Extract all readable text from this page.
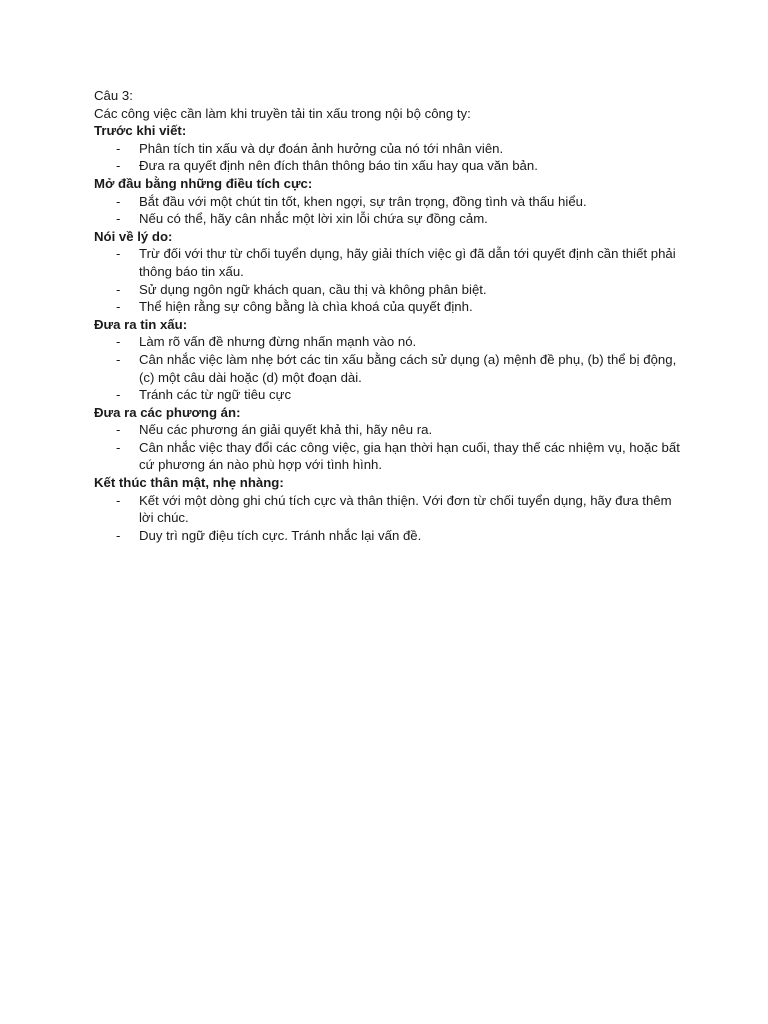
Câu 3:

Các công việc cần làm khi truyền tải tin xấu trong nội bộ công ty:

Trước khi viết:

- Phân tích tin xấu và dự đoán ảnh hưởng của nó tới nhân viên.
- Đưa ra quyết định nên đích thân thông báo tin xấu hay qua văn bản.

Mở đầu bằng những điều tích cực:

- Bắt đầu với một chút tin tốt, khen ngợi, sự trân trọng, đồng tình và thấu hiểu.
- Nếu có thể, hãy cân nhắc một lời xin lỗi chứa sự đồng cảm.

Nói về lý do:

- Trừ đối với thư từ chối tuyển dụng, hãy giải thích việc gì đã dẫn tới quyết định cần thiết phải thông báo tin xấu.
- Sử dụng ngôn ngữ khách quan, cầu thị và không phân biệt.
- Thể hiện rằng sự công bằng là chìa khoá của quyết định.

Đưa ra tin xấu:

- Làm rõ vấn đề nhưng đừng nhấn mạnh vào nó.
- Cân nhắc việc làm nhẹ bớt các tin xấu bằng cách sử dụng (a) mệnh đề phụ, (b) thể bị động, (c) một câu dài hoặc (d) một đoạn dài.
- Tránh các từ ngữ tiêu cực

Đưa ra các phương án:

- Nếu các phương án giải quyết khả thi, hãy nêu ra.
- Cân nhắc việc thay đổi các công việc, gia hạn thời hạn cuối, thay thế các nhiệm vụ, hoặc bất cứ phương án nào phù hợp với tình hình.

Kết thúc thân mật, nhẹ nhàng:

- Kết với một dòng ghi chú tích cực và thân thiện. Với đơn từ chối tuyển dụng, hãy đưa thêm lời chúc.
- Duy trì ngữ điệu tích cực. Tránh nhắc lại vấn đề.
